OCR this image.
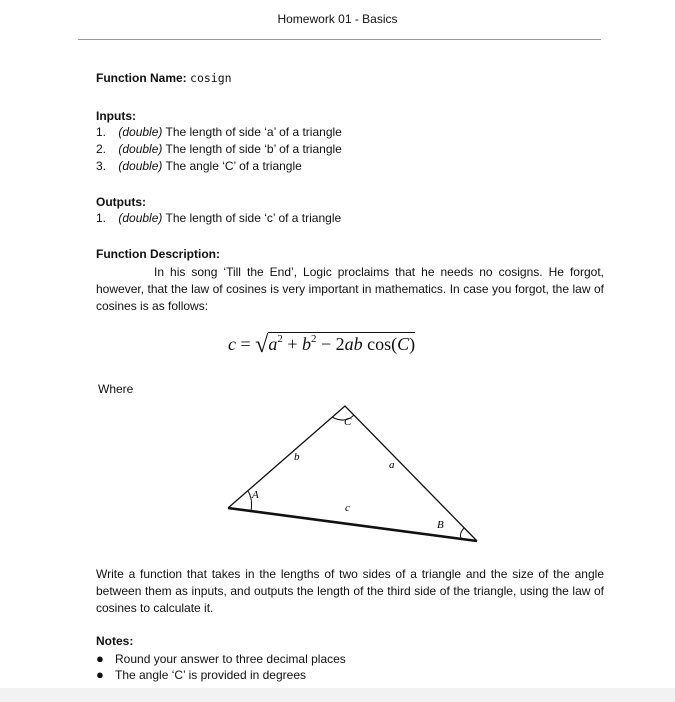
Homework 01 - Basics
Function Name: cosign
Inputs:
1. (double) The length of side ‘a’ of a triangle
2. (double) The length of side ‘b’ of a triangle
3. (double) The angle ‘C’ of a triangle
Outputs:
1. (double) The length of side ‘c’ of a triangle
Function Description:
In his song ‘Till the End’, Logic proclaims that he needs no cosigns. He forgot, however, that the law of cosines is very important in mathematics. In case you forgot, the law of cosines is as follows:
$c = √a^2 + b^2 - 2ab$ cos(C)
Where
C
A
B
b
a
c
Write a function that takes in the lengths of two sides of a triangle and the size of the angle between them as inputs, and outputs the length of the third side of the triangle, using the law of cosines to calculate it.
Notes:
● Round your answer to three decimal places
● The angle ‘C’ is provided in degrees
